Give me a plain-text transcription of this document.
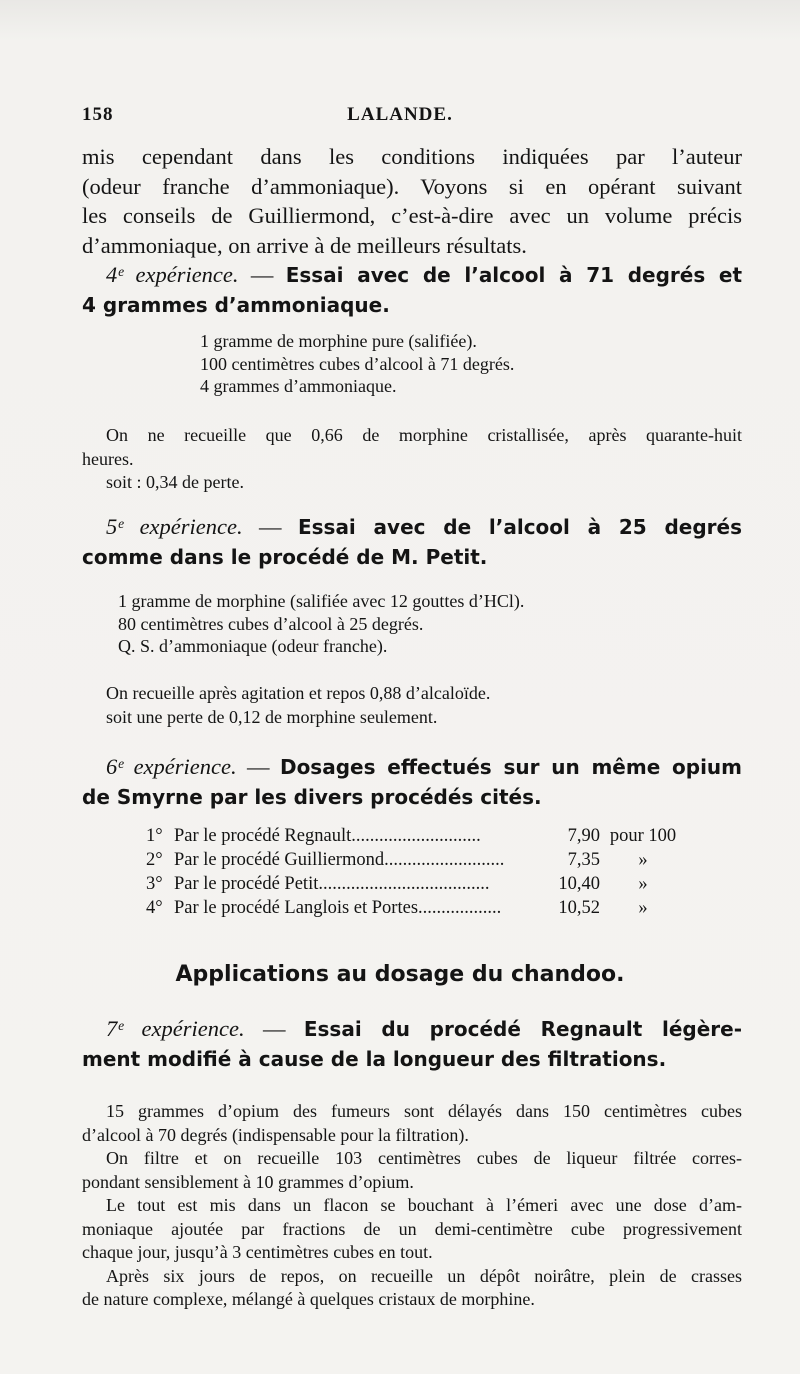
158	LALANDE.
mis cependant dans les conditions indiquées par l’auteur
(odeur franche d’ammoniaque). Voyons si en opérant suivant
les conseils de Guilliermond, c’est-à-dire avec un volume précis
d’ammoniaque, on arrive à de meilleurs résultats.
4ᵉ expérience. — Essai avec de l’alcool à 71 degrés et
4 grammes d’ammoniaque.
1 gramme de morphine pure (salifiée).
100 centimètres cubes d’alcool à 71 degrés.
4 grammes d’ammoniaque.
On ne recueille que 0,66 de morphine cristallisée, après quarante-huit
heures.
soit : 0,34 de perte.
5ᵉ expérience. — Essai avec de l’alcool à 25 degrés
comme dans le procédé de M. Petit.
1 gramme de morphine (salifiée avec 12 gouttes d’HCl).
80 centimètres cubes d’alcool à 25 degrés.
Q. S. d’ammoniaque (odeur franche).
On recueille après agitation et repos 0,88 d’alcaloïde.
soit une perte de 0,12 de morphine seulement.
6ᵉ expérience. — Dosages effectués sur un même opium
de Smyrne par les divers procédés cités.
1° Par le procédé Regnault............................	7,90 pour 100
2° Par le procédé Guilliermond..........................	7,35	»
3° Par le procédé Petit.....................................	10,40	»
4° Par le procédé Langlois et Portes..................	10,52	»
Applications au dosage du chandoo.
7ᵉ expérience. — Essai du procédé Regnault légère-
ment modifié à cause de la longueur des filtrations.
15 grammes d’opium des fumeurs sont délayés dans 150 centimètres cubes
d’alcool à 70 degrés (indispensable pour la filtration).
On filtre et on recueille 103 centimètres cubes de liqueur filtrée corres-
pondant sensiblement à 10 grammes d’opium.
Le tout est mis dans un flacon se bouchant à l’émeri avec une dose d’am-
moniaque ajoutée par fractions de un demi-centimètre cube progressivement
chaque jour, jusqu’à 3 centimètres cubes en tout.
Après six jours de repos, on recueille un dépôt noirâtre, plein de crasses
de nature complexe, mélangé à quelques cristaux de morphine.
